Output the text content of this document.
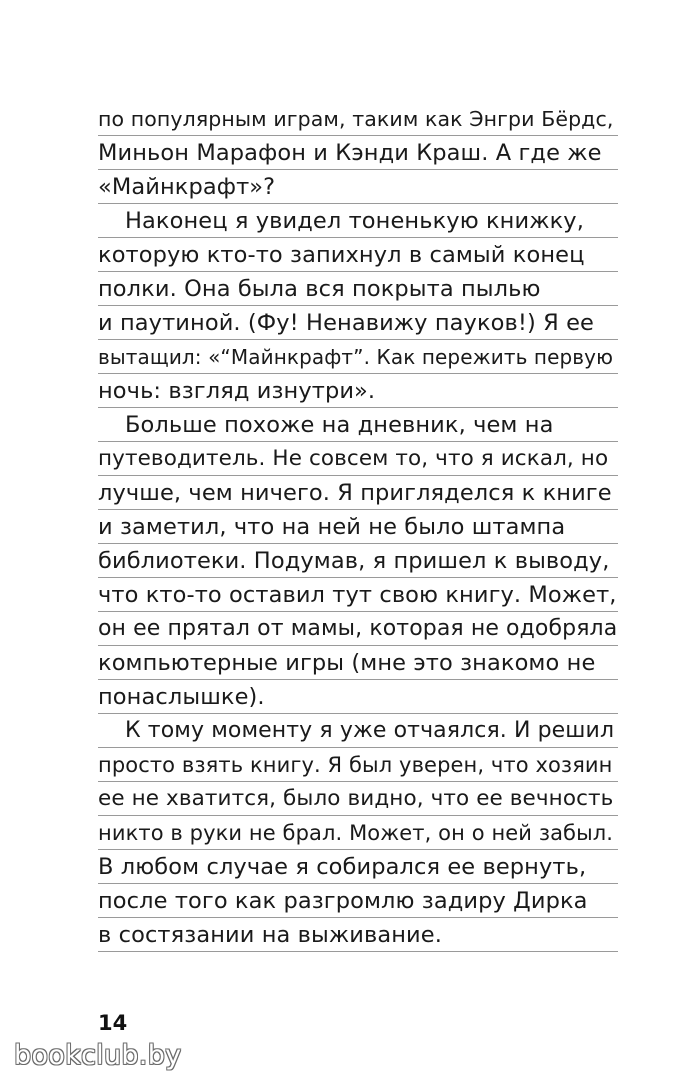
по популярным играм, таким как Энгри Бёрдс,
Миньон Марафон и Кэнди Краш. А где же
«Майнкрафт»?
Наконец я увидел тоненькую книжку,
которую кто-то запихнул в самый конец
полки. Она была вся покрыта пылью
и паутиной. (Фу! Ненавижу пауков!) Я ее
вытащил: «“Майнкрафт”. Как пережить первую
ночь: взгляд изнутри».
Больше похоже на дневник, чем на
путеводитель. Не совсем то, что я искал, но
лучше, чем ничего. Я пригляделся к книге
и заметил, что на ней не было штампа
библиотеки. Подумав, я пришел к выводу,
что кто-то оставил тут свою книгу. Может,
он ее прятал от мамы, которая не одобряла
компьютерные игры (мне это знакомо не
понаслышке).
К тому моменту я уже отчаялся. И решил
просто взять книгу. Я был уверен, что хозяин
ее не хватится, было видно, что ее вечность
никто в руки не брал. Может, он о ней забыл.
В любом случае я собирался ее вернуть,
после того как разгромлю задиру Дирка
в состязании на выживание.
14
bookclub.by
